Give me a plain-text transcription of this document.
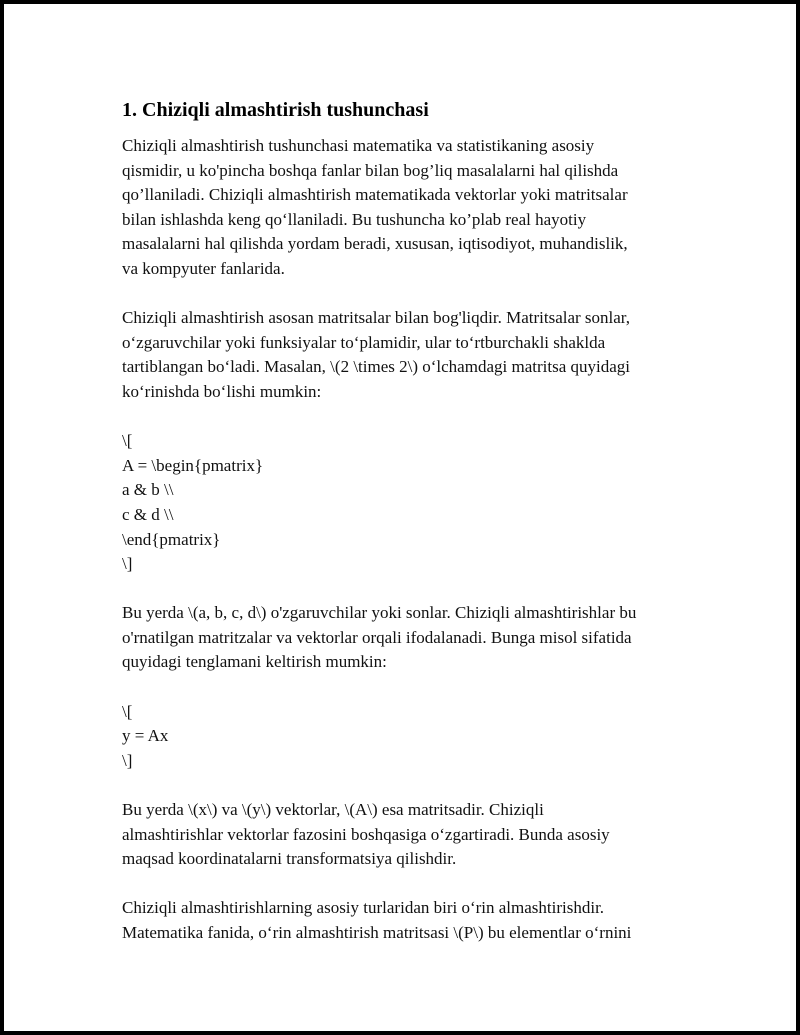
1. Chiziqli almashtirish tushunchasi
Chiziqli almashtirish tushunchasi matematika va statistikaning asosiy
qismidir, u ko'pincha boshqa fanlar bilan bog’liq masalalarni hal qilishda
qo’llaniladi. Chiziqli almashtirish matematikada vektorlar yoki matritsalar
bilan ishlashda keng qo‘llaniladi. Bu tushuncha ko’plab real hayotiy
masalalarni hal qilishda yordam beradi, xususan, iqtisodiyot, muhandislik,
va kompyuter fanlarida.
Chiziqli almashtirish asosan matritsalar bilan bog'liqdir. Matritsalar sonlar,
o‘zgaruvchilar yoki funksiyalar to‘plamidir, ular to‘rtburchakli shaklda
tartiblangan bo‘ladi. Masalan, \(2 \times 2\) o‘lchamdagi matritsa quyidagi
ko‘rinishda bo‘lishi mumkin:
\[
A = \begin{pmatrix}
a & b \\
c & d \\
\end{pmatrix}
\]
Bu yerda \(a, b, c, d\) o'zgaruvchilar yoki sonlar. Chiziqli almashtirishlar bu
o'rnatilgan matritzalar va vektorlar orqali ifodalanadi. Bunga misol sifatida
quyidagi tenglamani keltirish mumkin:
\[
y = Ax
\]
Bu yerda \(x\) va \(y\) vektorlar, \(A\) esa matritsadir. Chiziqli
almashtirishlar vektorlar fazosini boshqasiga o‘zgartiradi. Bunda asosiy
maqsad koordinatalarni transformatsiya qilishdir.
Chiziqli almashtirishlarning asosiy turlaridan biri o‘rin almashtirishdir.
Matematika fanida, o‘rin almashtirish matritsasi \(P\) bu elementlar o‘rnini
